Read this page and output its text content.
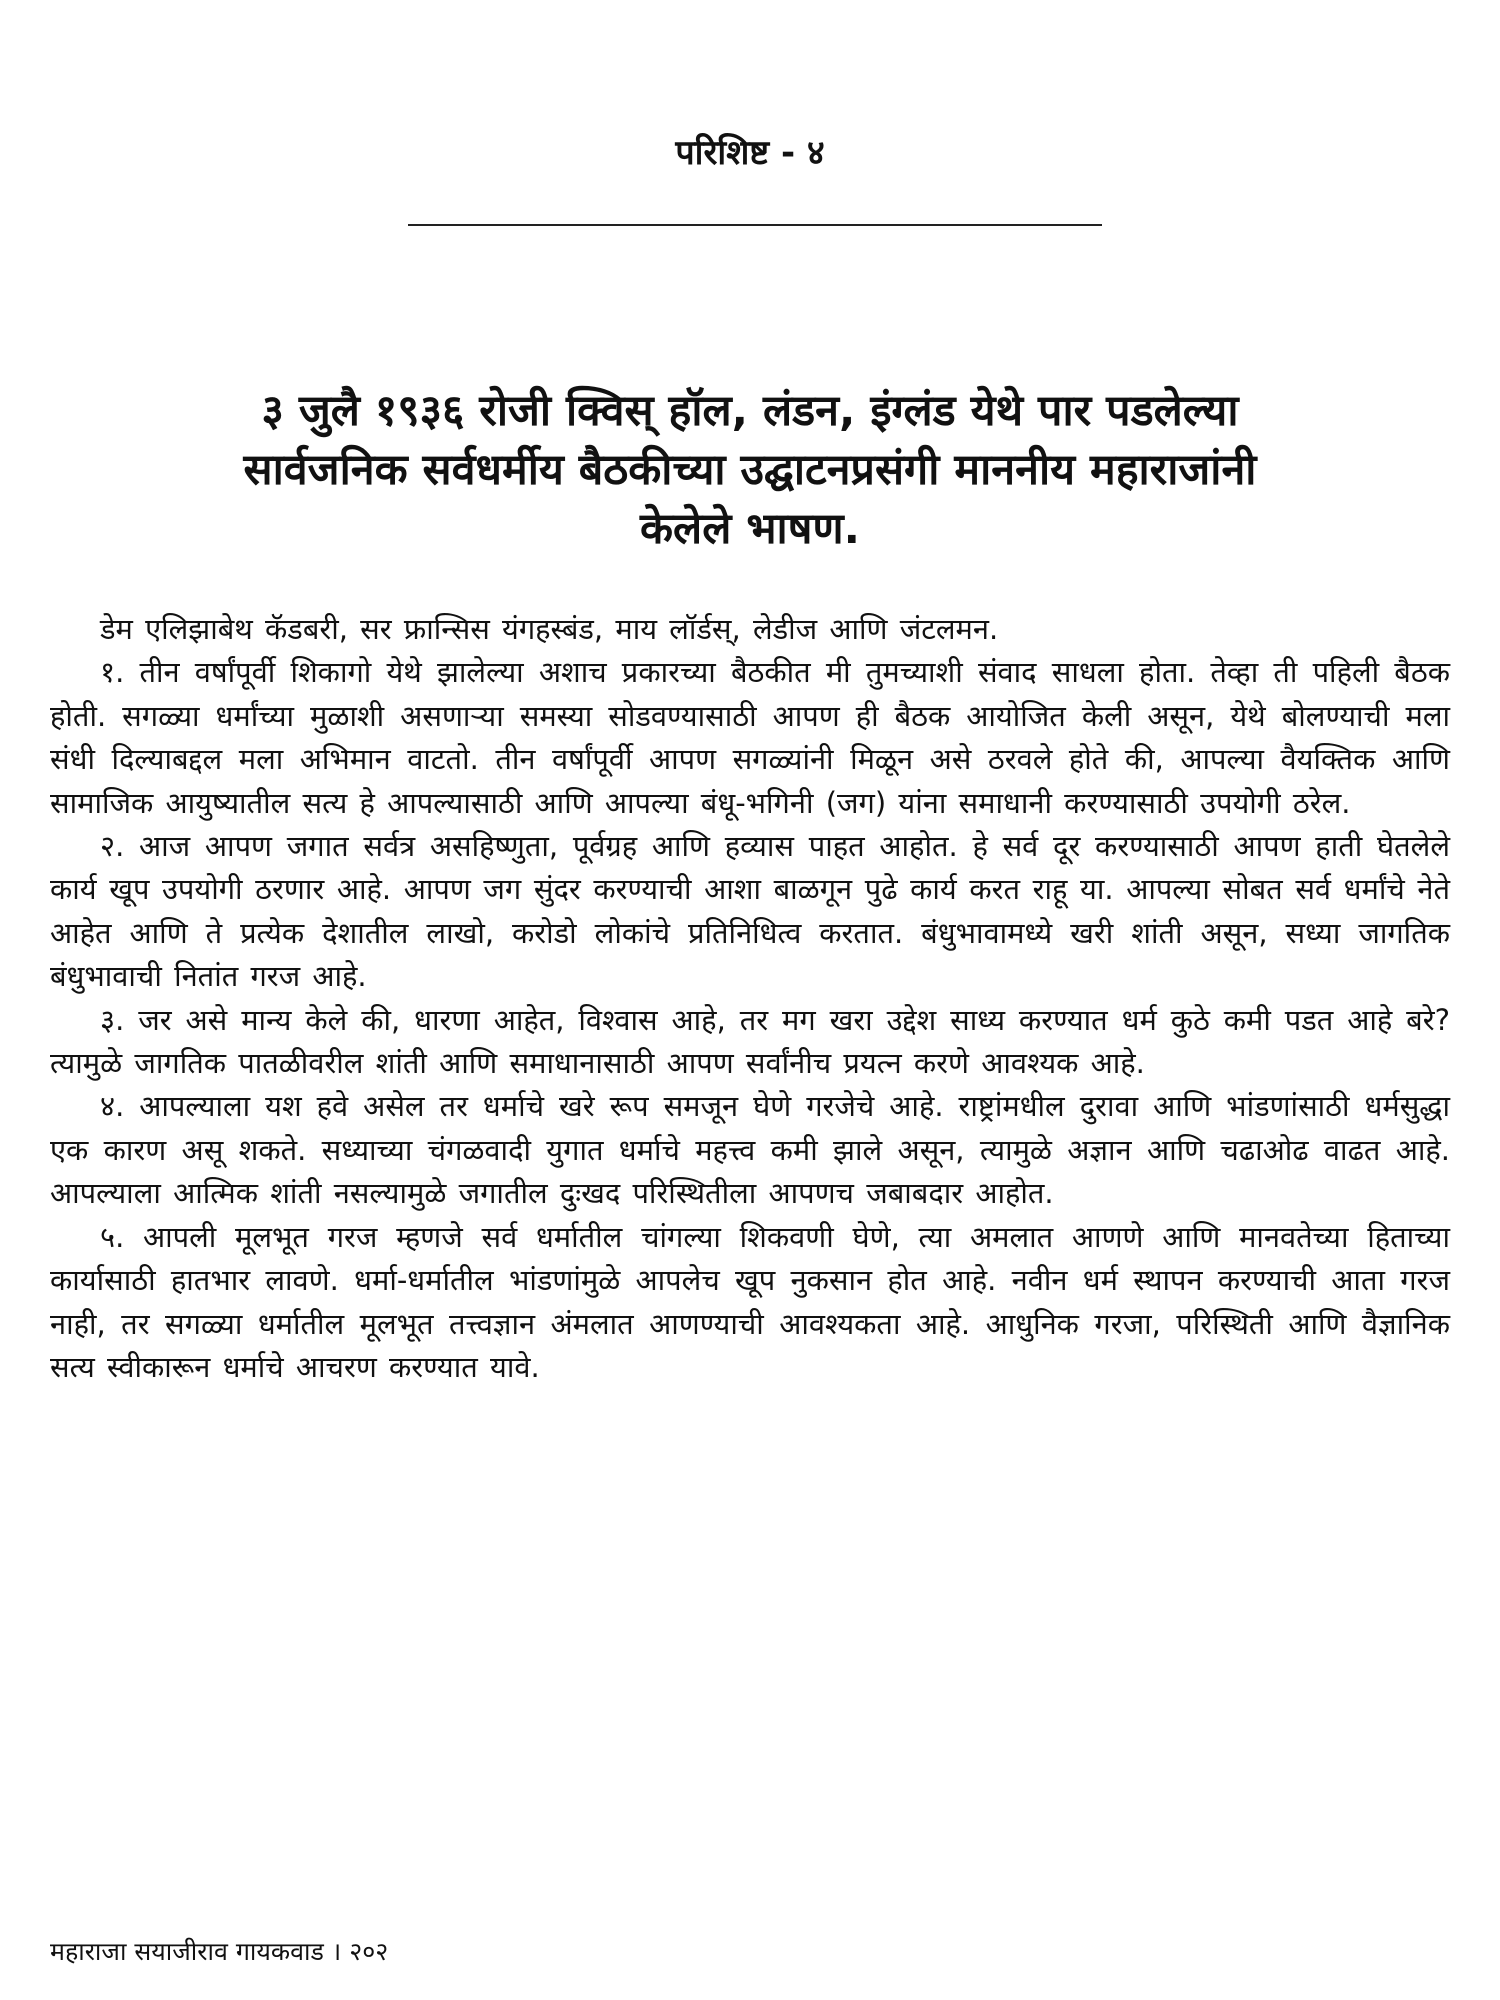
परिशिष्ट - ४
३ जुलै १९३६ रोजी क्विस् हॉल, लंडन, इंग्लंड येथे पार पडलेल्या
सार्वजनिक सर्वधर्मीय बैठकीच्या उद्घाटनप्रसंगी माननीय महाराजांनी
केलेले भाषण.

डेम एलिझाबेथ कॅडबरी, सर फ्रान्सिस यंगहस्बंड, माय लॉर्डस्, लेडीज आणि जंटलमन.

१. तीन वर्षांपूर्वी शिकागो येथे झालेल्या अशाच प्रकारच्या बैठकीत मी तुमच्याशी संवाद साधला होता. तेव्हा ती पहिली बैठक होती. सगळ्या धर्मांच्या मुळाशी असणाऱ्या समस्या सोडवण्यासाठी आपण ही बैठक आयोजित केली असून, येथे बोलण्याची मला संधी दिल्याबद्दल मला अभिमान वाटतो. तीन वर्षांपूर्वी आपण सगळ्यांनी मिळून असे ठरवले होते की, आपल्या वैयक्तिक आणि सामाजिक आयुष्यातील सत्य हे आपल्यासाठी आणि आपल्या बंधू-भगिनी (जग) यांना समाधानी करण्यासाठी उपयोगी ठरेल.

२. आज आपण जगात सर्वत्र असहिष्णुता, पूर्वग्रह आणि हव्यास पाहत आहोत. हे सर्व दूर करण्यासाठी आपण हाती घेतलेले कार्य खूप उपयोगी ठरणार आहे. आपण जग सुंदर करण्याची आशा बाळगून पुढे कार्य करत राहू या. आपल्या सोबत सर्व धर्मांचे नेते आहेत आणि ते प्रत्येक देशातील लाखो, करोडो लोकांचे प्रतिनिधित्व करतात. बंधुभावामध्ये खरी शांती असून, सध्या जागतिक बंधुभावाची नितांत गरज आहे.

३. जर असे मान्य केले की, धारणा आहेत, विश्वास आहे, तर मग खरा उद्देश साध्य करण्यात धर्म कुठे कमी पडत आहे बरे? त्यामुळे जागतिक पातळीवरील शांती आणि समाधानासाठी आपण सर्वांनीच प्रयत्न करणे आवश्यक आहे.

४. आपल्याला यश हवे असेल तर धर्माचे खरे रूप समजून घेणे गरजेचे आहे. राष्ट्रांमधील दुरावा आणि भांडणांसाठी धर्मसुद्धा एक कारण असू शकते. सध्याच्या चंगळवादी युगात धर्माचे महत्त्व कमी झाले असून, त्यामुळे अज्ञान आणि चढाओढ वाढत आहे. आपल्याला आत्मिक शांती नसल्यामुळे जगातील दुःखद परिस्थितीला आपणच जबाबदार आहोत.

५. आपली मूलभूत गरज म्हणजे सर्व धर्मातील चांगल्या शिकवणी घेणे, त्या अमलात आणणे आणि मानवतेच्या हिताच्या कार्यासाठी हातभार लावणे. धर्मा-धर्मातील भांडणांमुळे आपलेच खूप नुकसान होत आहे. नवीन धर्म स्थापन करण्याची आता गरज नाही, तर सगळ्या धर्मातील मूलभूत तत्त्वज्ञान अंमलात आणण्याची आवश्यकता आहे. आधुनिक गरजा, परिस्थिती आणि वैज्ञानिक सत्य स्वीकारून धर्माचे आचरण करण्यात यावे.

महाराजा सयाजीराव गायकवाड । २०२
